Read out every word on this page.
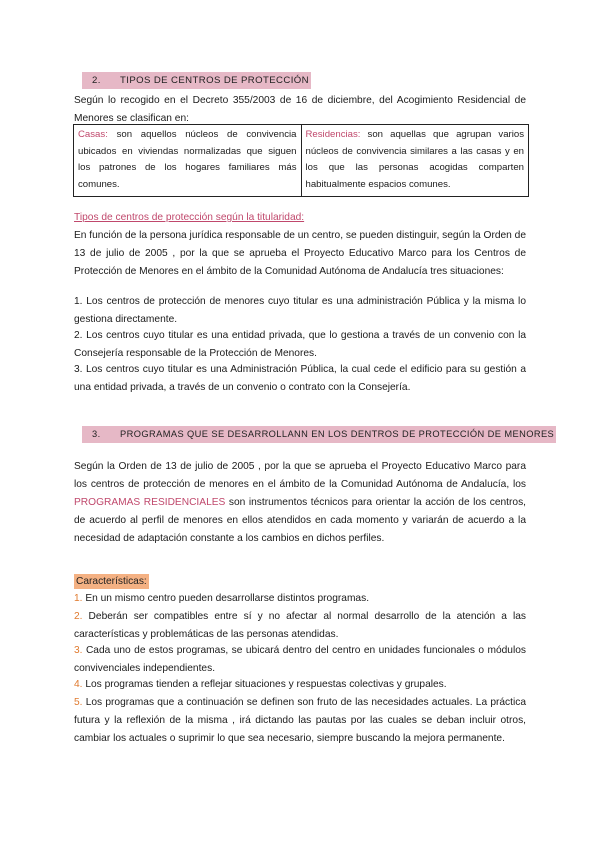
2. TIPOS DE CENTROS DE PROTECCIÓN

Según lo recogido en el Decreto 355/2003 de 16 de diciembre, del Acogimiento Residencial de Menores se clasifican en:

Casas: son aquellos núcleos de convivencia ubicados en viviendas normalizadas que siguen los patrones de los hogares familiares más comunes.	Residencias: son aquellas que agrupan varios núcleos de convivencia similares a las casas y en los que las personas acogidas comparten habitualmente espacios comunes.

Tipos de centros de protección según la titularidad:

En función de la persona jurídica responsable de un centro, se pueden distinguir, según la Orden de 13 de julio de 2005 , por la que se aprueba el Proyecto Educativo Marco para los Centros de Protección de Menores en el ámbito de la Comunidad Autónoma de Andalucía tres situaciones:

1. Los centros de protección de menores cuyo titular es una administración Pública y la misma lo gestiona directamente.

2. Los centros cuyo titular es una entidad privada, que lo gestiona a través de un convenio con la Consejería responsable de la Protección de Menores.

3. Los centros cuyo titular es una Administración Pública, la cual cede el edificio para su gestión a una entidad privada, a través de un convenio o contrato con la Consejería.

3. PROGRAMAS QUE SE DESARROLLANN EN LOS DENTROS DE PROTECCIÓN DE MENORES

Según la Orden de 13 de julio de 2005 , por la que se aprueba el Proyecto Educativo Marco para los centros de protección de menores en el ámbito de la Comunidad Autónoma de Andalucía, los PROGRAMAS RESIDENCIALES son instrumentos técnicos para orientar la acción de los centros, de acuerdo al perfil de menores en ellos atendidos en cada momento y variarán de acuerdo a la necesidad de adaptación constante a los cambios en dichos perfiles.

Características:

1. En un mismo centro pueden desarrollarse distintos programas.

2. Deberán ser compatibles entre sí y no afectar al normal desarrollo de la atención a las características y problemáticas de las personas atendidas.

3. Cada uno de estos programas, se ubicará dentro del centro en unidades funcionales o módulos convivenciales independientes.

4. Los programas tienden a reflejar situaciones y respuestas colectivas y grupales.

5. Los programas que a continuación se definen son fruto de las necesidades actuales. La práctica futura y la reflexión de la misma , irá dictando las pautas por las cuales se deban incluir otros, cambiar los actuales o suprimir lo que sea necesario, siempre buscando la mejora permanente.
